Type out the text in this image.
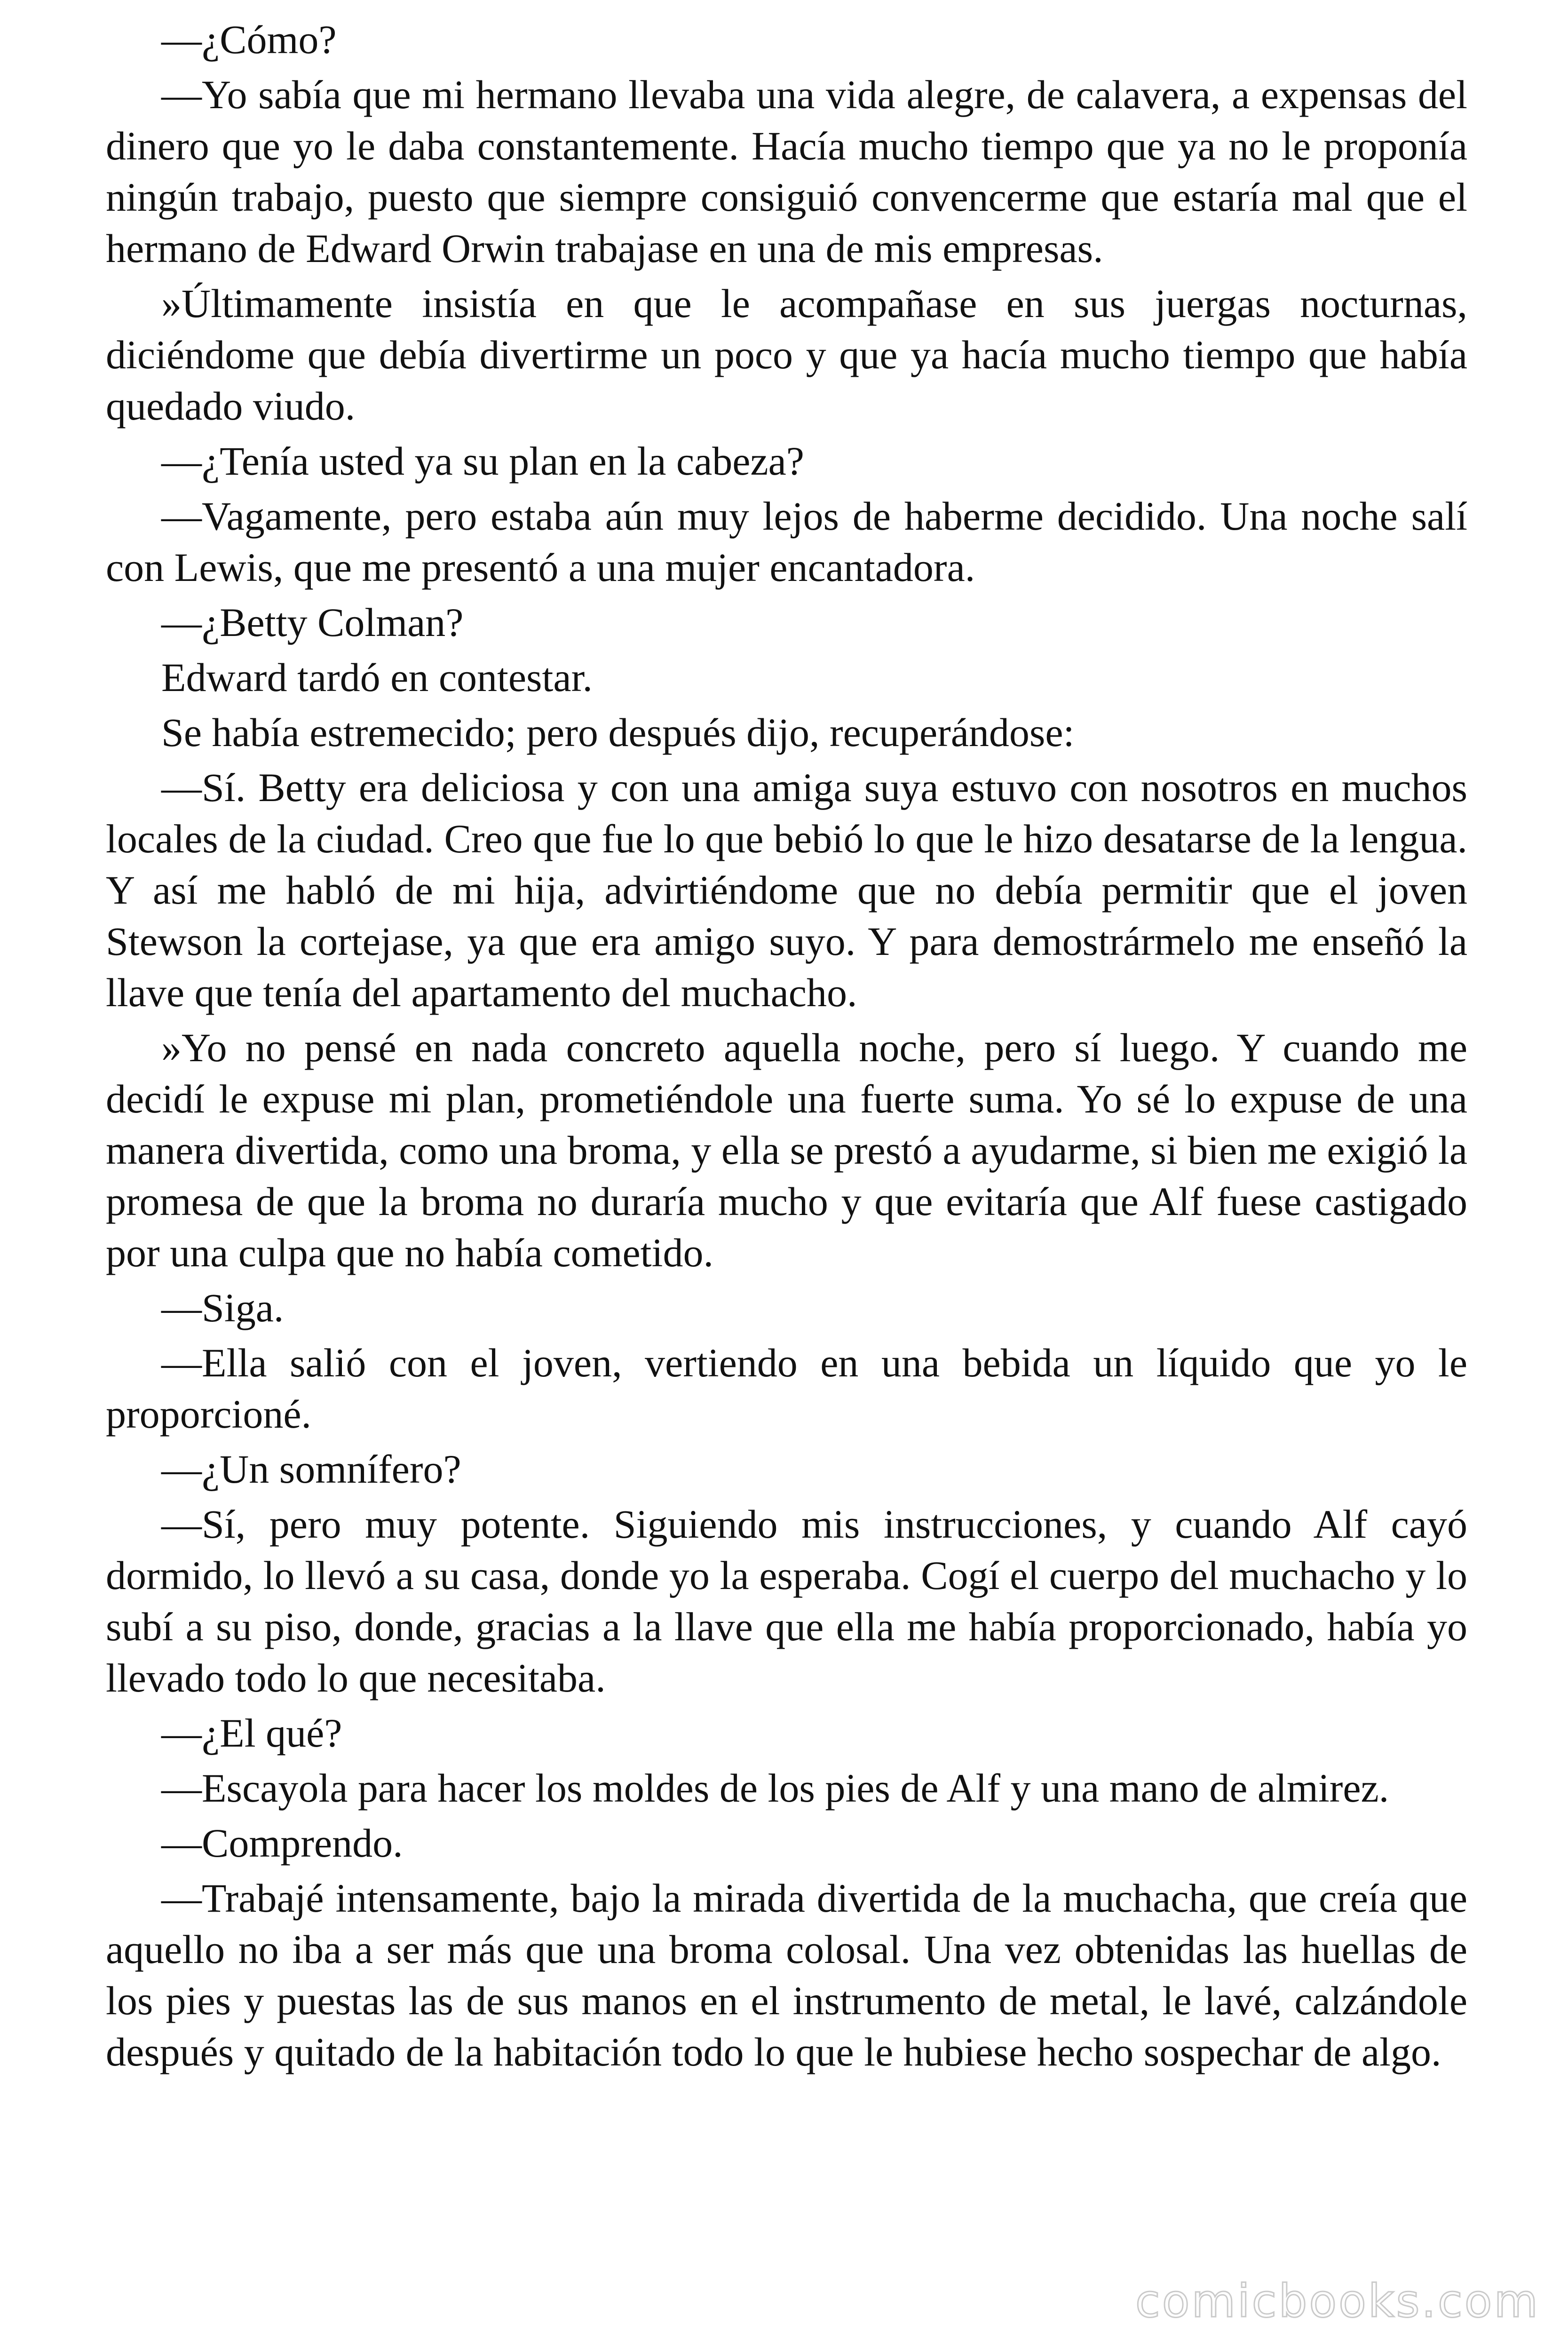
—¿Cómo?

—Yo sabía que mi hermano llevaba una vida alegre, de calavera, a expensas del dinero que yo le daba constantemente. Hacía mucho tiempo que ya no le proponía ningún trabajo, puesto que siempre consiguió convencerme que estaría mal que el hermano de Edward Orwin trabajase en una de mis empresas.

»Últimamente insistía en que le acompañase en sus juergas nocturnas, diciéndome que debía divertirme un poco y que ya hacía mucho tiempo que había quedado viudo.

—¿Tenía usted ya su plan en la cabeza?

—Vagamente, pero estaba aún muy lejos de haberme decidido. Una noche salí con Lewis, que me presentó a una mujer encantadora.

—¿Betty Colman?

Edward tardó en contestar.

Se había estremecido; pero después dijo, recuperándose:

—Sí. Betty era deliciosa y con una amiga suya estuvo con nosotros en muchos locales de la ciudad. Creo que fue lo que bebió lo que le hizo desatarse de la lengua. Y así me habló de mi hija, advirtiéndome que no debía permitir que el joven Stewson la cortejase, ya que era amigo suyo. Y para demostrármelo me enseñó la llave que tenía del apartamento del muchacho.

»Yo no pensé en nada concreto aquella noche, pero sí luego. Y cuando me decidí le expuse mi plan, prometiéndole una fuerte suma. Yo sé lo expuse de una manera divertida, como una broma, y ella se prestó a ayudarme, si bien me exigió la promesa de que la broma no duraría mucho y que evitaría que Alf fuese castigado por una culpa que no había cometido.

—Siga.

—Ella salió con el joven, vertiendo en una bebida un líquido que yo le proporcioné.

—¿Un somnífero?

—Sí, pero muy potente. Siguiendo mis instrucciones, y cuando Alf cayó dormido, lo llevó a su casa, donde yo la esperaba. Cogí el cuerpo del muchacho y lo subí a su piso, donde, gracias a la llave que ella me había proporcionado, había yo llevado todo lo que necesitaba.

—¿El qué?

—Escayola para hacer los moldes de los pies de Alf y una mano de almirez.

—Comprendo.

—Trabajé intensamente, bajo la mirada divertida de la muchacha, que creía que aquello no iba a ser más que una broma colosal. Una vez obtenidas las huellas de los pies y puestas las de sus manos en el instrumento de metal, le lavé, calzándole después y quitado de la habitación todo lo que le hubiese hecho sospechar de algo.

comicbooks.com
